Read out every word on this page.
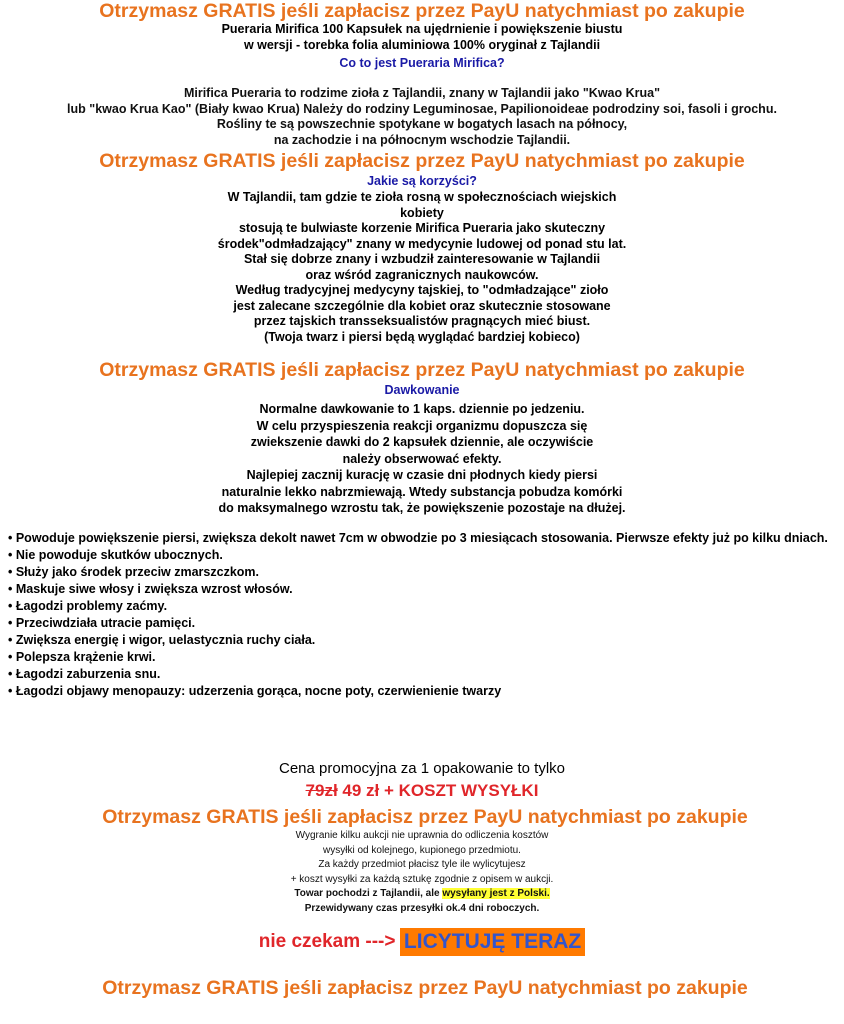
Otrzymasz GRATIS jeśli zapłacisz przez PayU natychmiast po zakupie
Pueraria Mirifica 100 Kapsułek na ujędrnienie i powiększenie biustu
w wersji - torebka folia aluminiowa 100% oryginał z Tajlandii
Co to jest Pueraria Mirifica?
Mirifica Pueraria to rodzime zioła z Tajlandii, znany w Tajlandii jako "Kwao Krua"
lub "kwao Krua Kao" (Biały kwao Krua) Należy do rodziny Leguminosae, Papilionoideae podrodziny soi, fasoli i grochu.
Rośliny te są powszechnie spotykane w bogatych lasach na północy,
na zachodzie i na północnym wschodzie Tajlandii.
Otrzymasz GRATIS jeśli zapłacisz przez PayU natychmiast po zakupie
Jakie są korzyści?
W Tajlandii, tam gdzie te zioła rosną w społecznościach wiejskich
kobiety
stosują te bulwiaste korzenie Mirifica Pueraria jako skuteczny
środek"odmładzający" znany w medycynie ludowej od ponad stu lat.
Stał się dobrze znany i wzbudził zainteresowanie w Tajlandii
oraz wśród zagranicznych naukowców.
Według tradycyjnej medycyny tajskiej, to "odmładzające" zioło
jest zalecane szczególnie dla kobiet oraz skutecznie stosowane
przez tajskich transseksualistów pragnących mieć biust.
(Twoja twarz i piersi będą wyglądać bardziej kobieco)
Otrzymasz GRATIS jeśli zapłacisz przez PayU natychmiast po zakupie
Dawkowanie
Normalne dawkowanie to 1 kaps. dziennie po jedzeniu.
W celu przyspieszenia reakcji organizmu dopuszcza się
zwiekszenie dawki do 2 kapsułek dziennie, ale oczywiście
należy obserwować efekty.
Najlepiej zacznij kurację w czasie dni płodnych kiedy piersi
naturalnie lekko nabrzmiewają. Wtedy substancja pobudza komórki
do maksymalnego wzrostu tak, że powiększenie pozostaje na dłużej.
• Powoduje powiększenie piersi, zwiększa dekolt nawet 7cm w obwodzie po 3 miesiącach stosowania. Pierwsze efekty już po kilku dniach.
• Nie powoduje skutków ubocznych.
• Służy jako środek przeciw zmarszczkom.
• Maskuje siwe włosy i zwiększa wzrost włosów.
• Łagodzi problemy zaćmy.
• Przeciwdziała utracie pamięci.
• Zwiększa energię i wigor, uelastycznia ruchy ciała.
• Polepsza krążenie krwi.
• Łagodzi zaburzenia snu.
• Łagodzi objawy menopauzy: udzerzenia gorąca, nocne poty, czerwienienie twarzy
Cena promocyjna za 1 opakowanie to tylko
79zł 49 zł + KOSZT WYSYŁKI
Otrzymasz GRATIS jeśli zapłacisz przez PayU natychmiast po zakupie
Wygranie kilku aukcji nie uprawnia do odliczenia kosztów
wysyłki od kolejnego, kupionego przedmiotu.
Za każdy przedmiot płacisz tyle ile wylicytujesz
+ koszt wysyłki za każdą sztukę zgodnie z opisem w aukcji.
Towar pochodzi z Tajlandii, ale wysyłany jest z Polski.
Przewidywany czas przesyłki ok.4 dni roboczych.
nie czekam ---> LICYTUJĘ TERAZ
Otrzymasz GRATIS jeśli zapłacisz przez PayU natychmiast po zakupie
